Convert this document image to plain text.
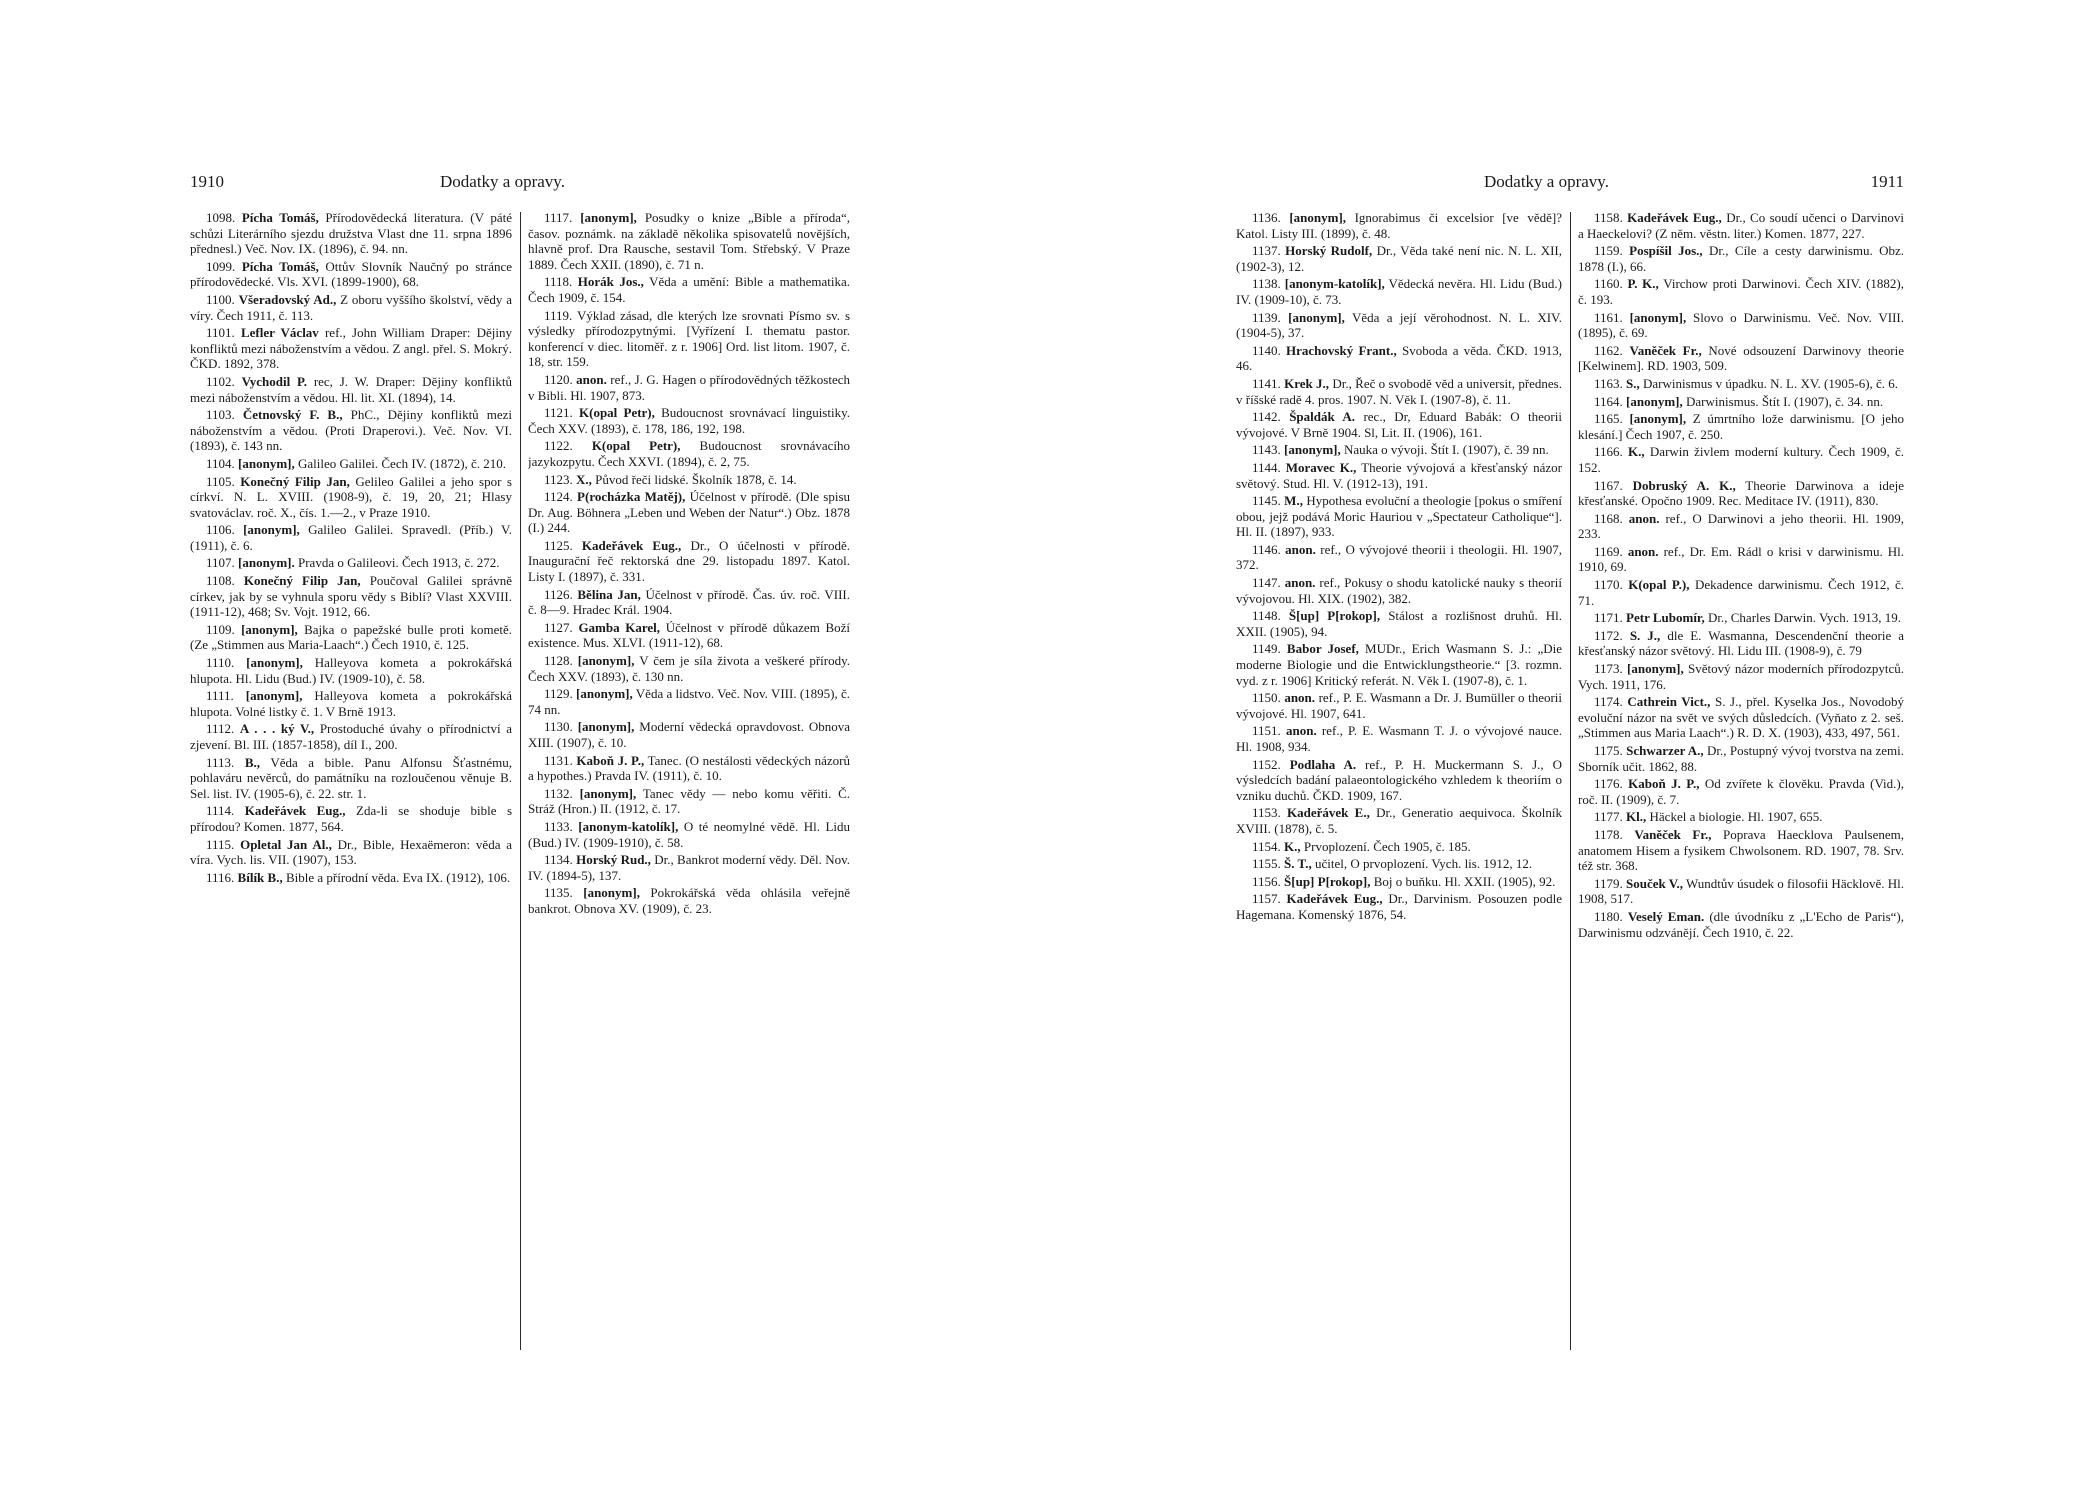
1910	Dodatky a opravy.
1098. Pícha Tomáš, Přírodovědecká literatura. (V páté schůzi Literárního sjezdu družstva Vlast dne 11. srpna 1896 přednesl.) Več. Nov. IX. (1896), č. 94. nn.
1099. Pícha Tomáš, Ottův Slovník Naučný po stránce přírodovědecké. Vls. XVI. (1899-1900), 68.
1100. Všeradovský Ad., Z oboru vyššího školství, vědy a víry. Čech 1911, č. 113.
1101. Lefler Václav ref., John William Draper: Dějiny konfliktů mezi náboženstvím a vědou. Z angl. přel. S. Mokrý. ČKD. 1892, 378.
1102. Vychodil P. rec, J. W. Draper: Dějiny konfliktů mezi náboženstvím a vědou. Hl. lit. XI. (1894), 14.
1103. Četnovský F. B., PhC., Dějiny konfliktů mezi náboženstvím a vědou. (Proti Draperovi.). Več. Nov. VI. (1893), č. 143 nn.
1104. [anonym], Galileo Galilei. Čech IV. (1872), č. 210.
1105. Konečný Filip Jan, Gelileo Galilei a jeho spor s církví. N. L. XVIII. (1908-9), č. 19, 20, 21; Hlasy svatováclav. roč. X., čís. 1.—2., v Praze 1910.
1106. [anonym], Galileo Galilei. Spravedl. (Příb.) V. (1911), č. 6.
1107. [anonym]. Pravda o Galileovi. Čech 1913, č. 272.
1108. Konečný Filip Jan, Poučoval Galilei správně církev, jak by se vyhnula sporu vědy s Biblí? Vlast XXVIII. (1911-12), 468; Sv. Vojt. 1912, 66.
1109. [anonym], Bajka o papežské bulle proti kometě. (Ze „Stimmen aus Maria-Laach“.) Čech 1910, č. 125.
1110. [anonym], Halleyova kometa a pokrokářská hlupota. Hl. Lidu (Bud.) IV. (1909-10), č. 58.
1111. [anonym], Halleyova kometa a pokrokářská hlupota. Volné listky č. 1. V Brně 1913.
1112. A . . . ký V., Prostoduché úvahy o přírodnictví a zjevení. Bl. III. (1857-1858), díl I., 200.
1113. B., Věda a bible. Panu Alfonsu Šťastnému, pohlaváru nevěrců, do památníku na rozloučenou věnuje B. Sel. list. IV. (1905-6), č. 22. str. 1.
1114. Kadeřávek Eug., Zda-li se shoduje bible s přírodou? Komen. 1877, 564.
1115. Opletal Jan Al., Dr., Bible, Hexaëmeron: věda a víra. Vych. lis. VII. (1907), 153.
1116. Bílík B., Bible a přírodní věda. Eva IX. (1912), 106.
1117. [anonym], Posudky o knize „Bible a příroda“, časov. poznámk. na základě několika spisovatelů novějších, hlavně prof. Dra Rausche, sestavil Tom. Střebský. V Praze 1889. Čech XXII. (1890), č. 71 n.
1118. Horák Jos., Věda a umění: Bible a mathematika. Čech 1909, č. 154.
1119. Výklad zásad, dle kterých lze srovnati Písmo sv. s výsledky přírodozpytnými. [Vyřízení I. thematu pastor. konferencí v diec. litoměř. z r. 1906] Ord. list litom. 1907, č. 18, str. 159.
1120. anon. ref., J. G. Hagen o přírodovědných těžkostech v Bibli. Hl. 1907, 873.
1121. K(opal Petr), Budoucnost srovnávací linguistiky. Čech XXV. (1893), č. 178, 186, 192, 198.
1122. K(opal Petr), Budoucnost srovnávacího jazykozpytu. Čech XXVI. (1894), č. 2, 75.
1123. X., Původ řeči lidské. Školník 1878, č. 14.
1124. P(rocházka Matěj), Účelnost v přírodě. (Dle spisu Dr. Aug. Böhnera „Leben und Weben der Natur“.) Obz. 1878 (I.) 244.
1125. Kadeřávek Eug., Dr., O účelnosti v přírodě. Inaugurační řeč rektorská dne 29. listopadu 1897. Katol. Listy I. (1897), č. 331.
1126. Bělina Jan, Účelnost v přírodě. Čas. úv. roč. VIII. č. 8—9. Hradec Král. 1904.
1127. Gamba Karel, Účelnost v přírodě důkazem Boží existence. Mus. XLVI. (1911-12), 68.
1128. [anonym], V čem je síla života a veškeré přírody. Čech XXV. (1893), č. 130 nn.
1129. [anonym], Věda a lidstvo. Več. Nov. VIII. (1895), č. 74 nn.
1130. [anonym], Moderní vědecká opravdovost. Obnova XIII. (1907), č. 10.
1131. Kaboň J. P., Tanec. (O nestálosti vědeckých názorů a hypothes.) Pravda IV. (1911), č. 10.
1132. [anonym], Tanec vědy — nebo komu věřiti. Č. Stráž (Hron.) II. (1912, č. 17.
1133. [anonym-katolík], O té neomylné vědě. Hl. Lidu (Bud.) IV. (1909-1910), č. 58.
1134. Horský Rud., Dr., Bankrot moderní vědy. Děl. Nov. IV. (1894-5), 137.
1135. [anonym], Pokrokářská věda ohlásila veřejně bankrot. Obnova XV. (1909), č. 23.
Dodatky a opravy.	1911
1136. [anonym], Ignorabimus či excelsior [ve vědě]? Katol. Listy III. (1899), č. 48.
1137. Horský Rudolf, Dr., Věda také není nic. N. L. XII, (1902-3), 12.
1138. [anonym-katolík], Vědecká nevěra. Hl. Lidu (Bud.) IV. (1909-10), č. 73.
1139. [anonym], Věda a její věrohodnost. N. L. XIV. (1904-5), 37.
1140. Hrachovský Frant., Svoboda a věda. ČKD. 1913, 46.
1141. Krek J., Dr., Řeč o svobodě věd a universit, přednes. v říšské radě 4. pros. 1907. N. Věk I. (1907-8), č. 11.
1142. Špaldák A. rec., Dr, Eduard Babák: O theorii vývojové. V Brně 1904. Sl, Lit. II. (1906), 161.
1143. [anonym], Nauka o vývoji. Štít I. (1907), č. 39 nn.
1144. Moravec K., Theorie vývojová a křesťanský názor světový. Stud. Hl. V. (1912-13), 191.
1145. M., Hypothesa evoluční a theologie [pokus o smíření obou, jejž podává Moric Hauriou v „Spectateur Catholique“]. Hl. II. (1897), 933.
1146. anon. ref., O vývojové theorii i theologii. Hl. 1907, 372.
1147. anon. ref., Pokusy o shodu katolické nauky s theorií vývojovou. Hl. XIX. (1902), 382.
1148. Š[up] P[rokop], Stálost a rozlišnost druhů. Hl. XXII. (1905), 94.
1149. Babor Josef, MUDr., Erich Wasmann S. J.: „Die moderne Biologie und die Entwicklungstheorie.“ [3. rozmn. vyd. z r. 1906] Kritický referát. N. Věk I. (1907-8), č. 1.
1150. anon. ref., P. E. Wasmann a Dr. J. Bumüller o theorii vývojové. Hl. 1907, 641.
1151. anon. ref., P. E. Wasmann T. J. o vývojové nauce. Hl. 1908, 934.
1152. Podlaha A. ref., P. H. Muckermann S. J., O výsledcích badání palaeontologického vzhledem k theoriím o vzniku duchů. ČKD. 1909, 167.
1153. Kadeřávek E., Dr., Generatio aequivoca. Školník XVIII. (1878), č. 5.
1154. K., Prvoplození. Čech 1905, č. 185.
1155. Š. T., učitel, O prvoplození. Vych. lis. 1912, 12.
1156. Š[up] P[rokop], Boj o buňku. Hl. XXII. (1905), 92.
1157. Kadeřávek Eug., Dr., Darvinism. Posouzen podle Hagemana. Komenský 1876, 54.
1158. Kadeřávek Eug., Dr., Co soudí učenci o Darvinovi a Haeckelovi? (Z něm. věstn. liter.) Komen. 1877, 227.
1159. Pospíšil Jos., Dr., Cíle a cesty darwinismu. Obz. 1878 (I.), 66.
1160. P. K., Virchow proti Darwinovi. Čech XIV. (1882), č. 193.
1161. [anonym], Slovo o Darwinismu. Več. Nov. VIII. (1895), č. 69.
1162. Vaněček Fr., Nové odsouzení Darwinovy theorie [Kelwinem]. RD. 1903, 509.
1163. S., Darwinismus v úpadku. N. L. XV. (1905-6), č. 6.
1164. [anonym], Darwinismus. Štít I. (1907), č. 34. nn.
1165. [anonym], Z úmrtního lože darwinismu. [O jeho klesání.] Čech 1907, č. 250.
1166. K., Darwin živlem moderní kultury. Čech 1909, č. 152.
1167. Dobruský A. K., Theorie Darwinova a ideje křesťanské. Opočno 1909. Rec. Meditace IV. (1911), 830.
1168. anon. ref., O Darwinovi a jeho theorii. Hl. 1909, 233.
1169. anon. ref., Dr. Em. Rádl o krisi v darwinismu. Hl. 1910, 69.
1170. K(opal P.), Dekadence darwinismu. Čech 1912, č. 71.
1171. Petr Lubomír, Dr., Charles Darwin. Vych. 1913, 19.
1172. S. J., dle E. Wasmanna, Descendenční theorie a křesťanský názor světový. Hl. Lidu III. (1908-9), č. 79
1173. [anonym], Světový názor moderních přírodozpytců. Vych. 1911, 176.
1174. Cathrein Vict., S. J., přel. Kyselka Jos., Novodobý evoluční názor na svět ve svých důsledcích. (Vyňato z 2. seš. „Stimmen aus Maria Laach“.) R. D. X. (1903), 433, 497, 561.
1175. Schwarzer A., Dr., Postupný vývoj tvorstva na zemi. Sborník učit. 1862, 88.
1176. Kaboň J. P., Od zvířete k člověku. Pravda (Vid.), roč. II. (1909), č. 7.
1177. Kl., Häckel a biologie. Hl. 1907, 655.
1178. Vaněček Fr., Poprava Haecklova Paulsenem, anatomem Hisem a fysikem Chwolsonem. RD. 1907, 78. Srv. též str. 368.
1179. Souček V., Wundtův úsudek o filosofii Häcklově. Hl. 1908, 517.
1180. Veselý Eman. (dle úvodníku z „L'Echo de Paris“), Darwinismu odzvánějí. Čech 1910, č. 22.
